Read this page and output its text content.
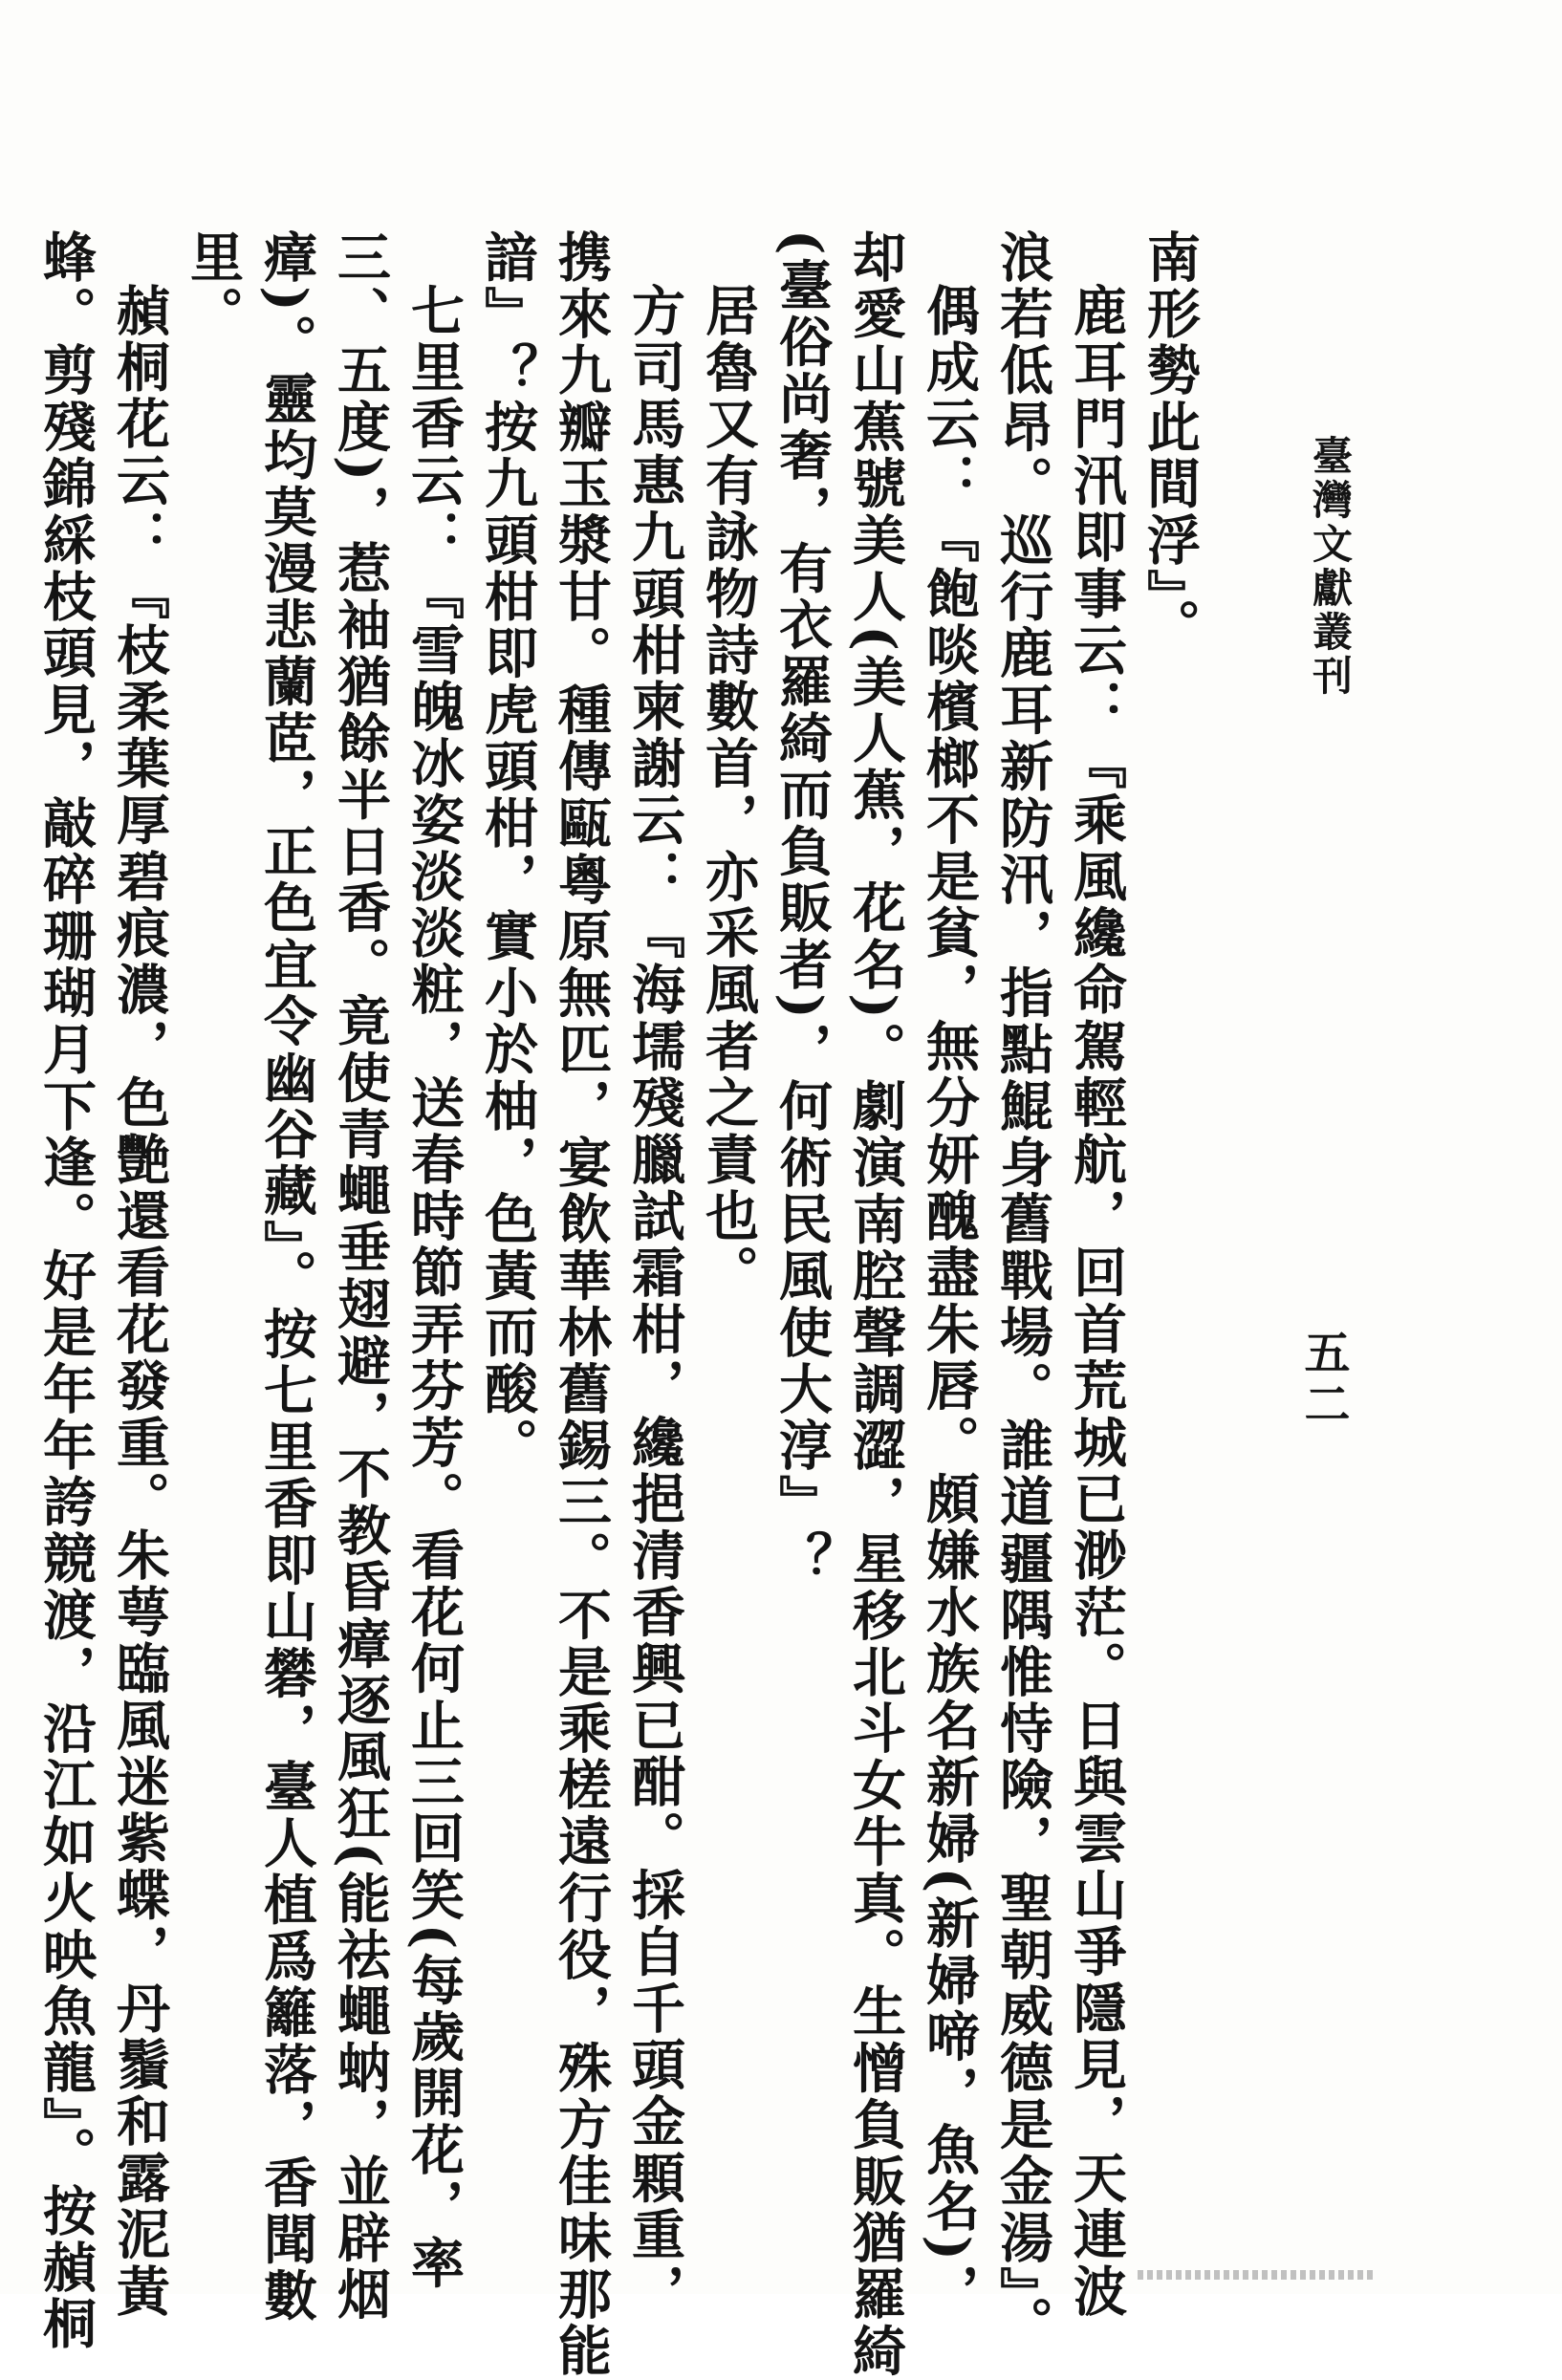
臺灣文獻叢刊
五二
南形勢此間浮』。
鹿耳門汛即事云：『乘風纔命駕輕航，回首荒城已渺茫。日與雲山爭隱見，天連波
浪若低昂。巡行鹿耳新防汛，指點鯤身舊戰場。誰道疆隅惟恃險，聖朝威德是金湯』。
偶成云：『飽啖檳榔不是貧，無分妍醜盡朱唇。頗嫌水族名新婦(新婦啼，魚名)，
却愛山蕉號美人(美人蕉，花名)。劇演南腔聲調澀，星移北斗女牛真。生憎負販猶羅綺
(臺俗尚奢，有衣羅綺而負販者)，何術民風使大淳』？
居魯又有詠物詩數首，亦采風者之責也。
方司馬惠九頭柑柬謝云：『海壖殘臘試霜柑，纔挹清香興已酣。採自千頭金顆重，
携來九瓣玉漿甘。種傳甌粵原無匹，宴飲華林舊錫三。不是乘槎遠行役，殊方佳味那能
諳』？按九頭柑即虎頭柑，實小於柚，色黃而酸。
七里香云：『雪魄冰姿淡淡粧，送春時節弄芬芳。看花何止三回笑(每歲開花，率
三、五度)，惹袖猶餘半日香。竟使青蠅垂翅避，不教昏瘴逐風狂(能祛蠅蚋，並辟烟
瘴)。靈均莫漫悲蘭茝，正色宜令幽谷藏』。按七里香即山礬，臺人植爲籬落，香聞數
里。
赬桐花云：『枝柔葉厚碧痕濃，色艷還看花發重。朱萼臨風迷紫蝶，丹鬚和露泥黃
蜂。剪殘錦綵枝頭見，敲碎珊瑚月下逢。好是年年誇競渡，沿江如火映魚龍』。按赬桐
